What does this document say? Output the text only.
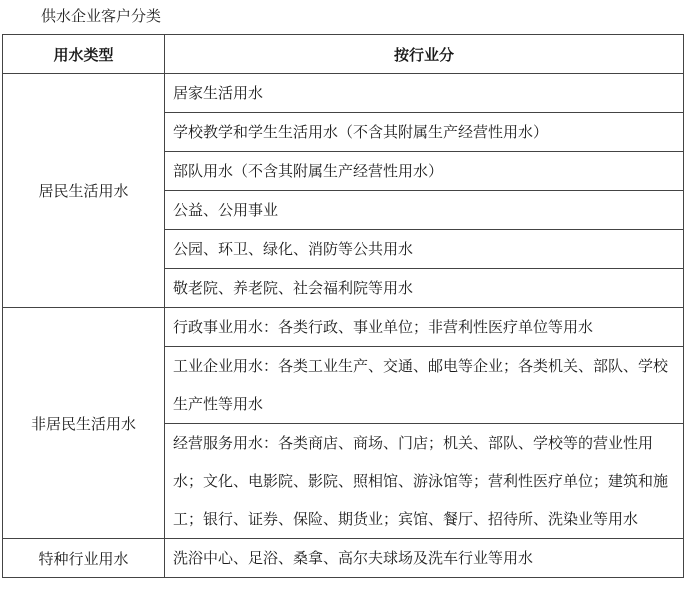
供水企业客户分类
用水类型	按行业分
居民生活用水	居家生活用水
	学校教学和学生生活用水（不含其附属生产经营性用水）
	部队用水（不含其附属生产经营性用水）
	公益、公用事业
	公园、环卫、绿化、消防等公共用水
	敬老院、养老院、社会福利院等用水
非居民生活用水	行政事业用水：各类行政、事业单位；非营利性医疗单位等用水
	工业企业用水：各类工业生产、交通、邮电等企业；各类机关、部队、学校生产性等用水
	经营服务用水：各类商店、商场、门店；机关、部队、学校等的营业性用水；文化、电影院、影院、照相馆、游泳馆等；营利性医疗单位；建筑和施工；银行、证券、保险、期货业；宾馆、餐厅、招待所、洗染业等用水
特种行业用水	洗浴中心、足浴、桑拿、高尔夫球场及洗车行业等用水
